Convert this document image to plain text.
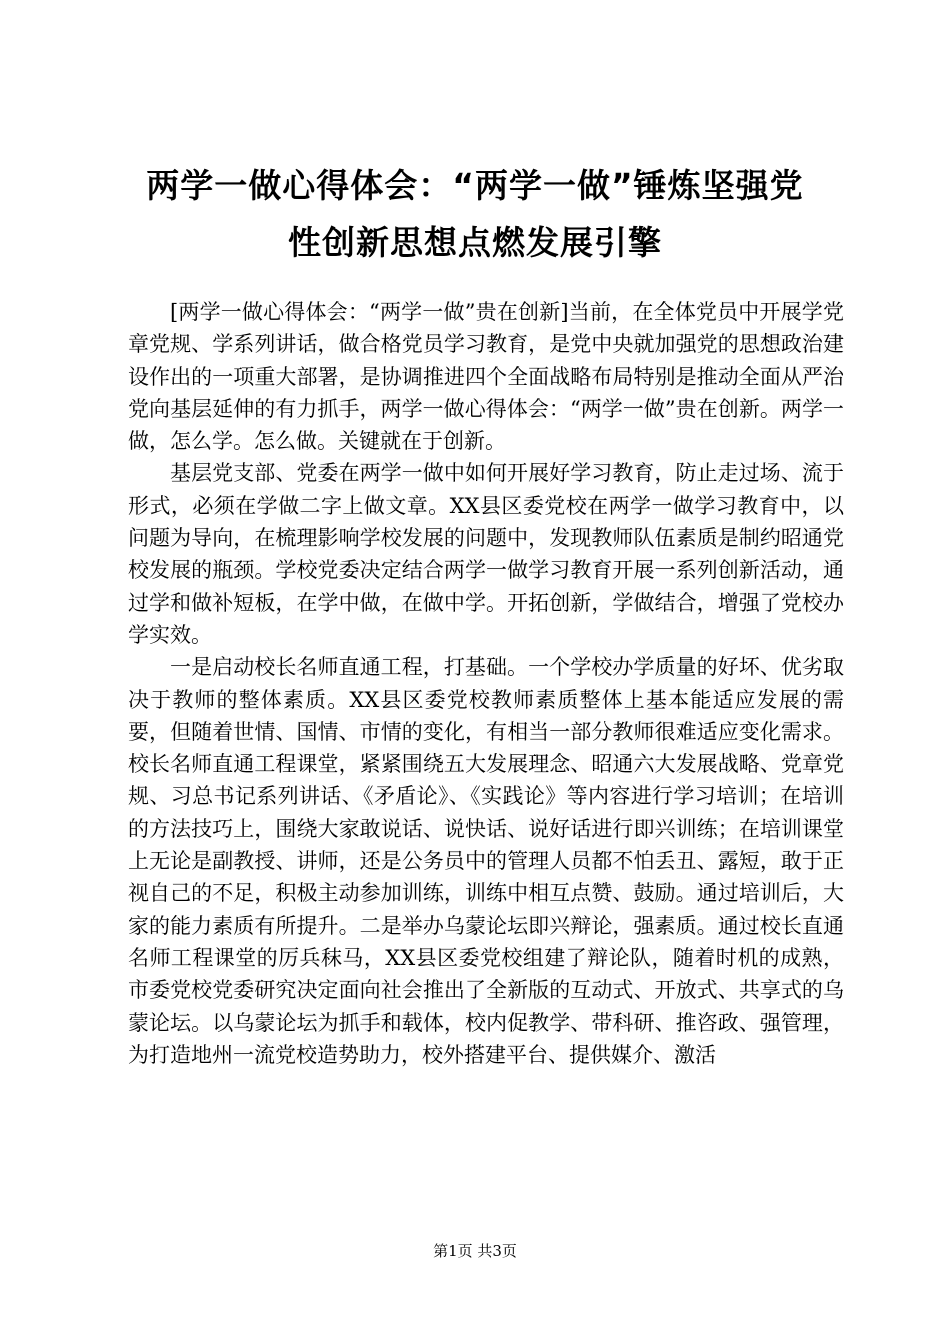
两学一做心得体会：“两学一做”锤炼坚强党
性创新思想点燃发展引擎

[两学一做心得体会：“两学一做”贵在创新]当前，在全体党员中开展学党章党规、学系列讲话，做合格党员学习教育，是党中央就加强党的思想政治建设作出的一项重大部署，是协调推进四个全面战略布局特别是推动全面从严治党向基层延伸的有力抓手，两学一做心得体会：“两学一做”贵在创新。两学一做，怎么学。怎么做。关键就在于创新。

基层党支部、党委在两学一做中如何开展好学习教育，防止走过场、流于形式，必须在学做二字上做文章。XX县区委党校在两学一做学习教育中，以问题为导向，在梳理影响学校发展的问题中，发现教师队伍素质是制约昭通党校发展的瓶颈。学校党委决定结合两学一做学习教育开展一系列创新活动，通过学和做补短板，在学中做，在做中学。开拓创新，学做结合，增强了党校办学实效。

一是启动校长名师直通工程，打基础。一个学校办学质量的好坏、优劣取决于教师的整体素质。XX县区委党校教师素质整体上基本能适应发展的需要，但随着世情、国情、市情的变化，有相当一部分教师很难适应变化需求。校长名师直通工程课堂，紧紧围绕五大发展理念、昭通六大发展战略、党章党规、习总书记系列讲话、《矛盾论》、《实践论》等内容进行学习培训；在培训的方法技巧上，围绕大家敢说话、说快话、说好话进行即兴训练；在培训课堂上无论是副教授、讲师，还是公务员中的管理人员都不怕丢丑、露短，敢于正视自己的不足，积极主动参加训练，训练中相互点赞、鼓励。通过培训后，大家的能力素质有所提升。二是举办乌蒙论坛即兴辩论，强素质。通过校长直通名师工程课堂的厉兵秣马，XX县区委党校组建了辩论队，随着时机的成熟，市委党校党委研究决定面向社会推出了全新版的互动式、开放式、共享式的乌蒙论坛。以乌蒙论坛为抓手和载体，校内促教学、带科研、推咨政、强管理，为打造地州一流党校造势助力，校外搭建平台、提供媒介、激活

第1页 共3页
